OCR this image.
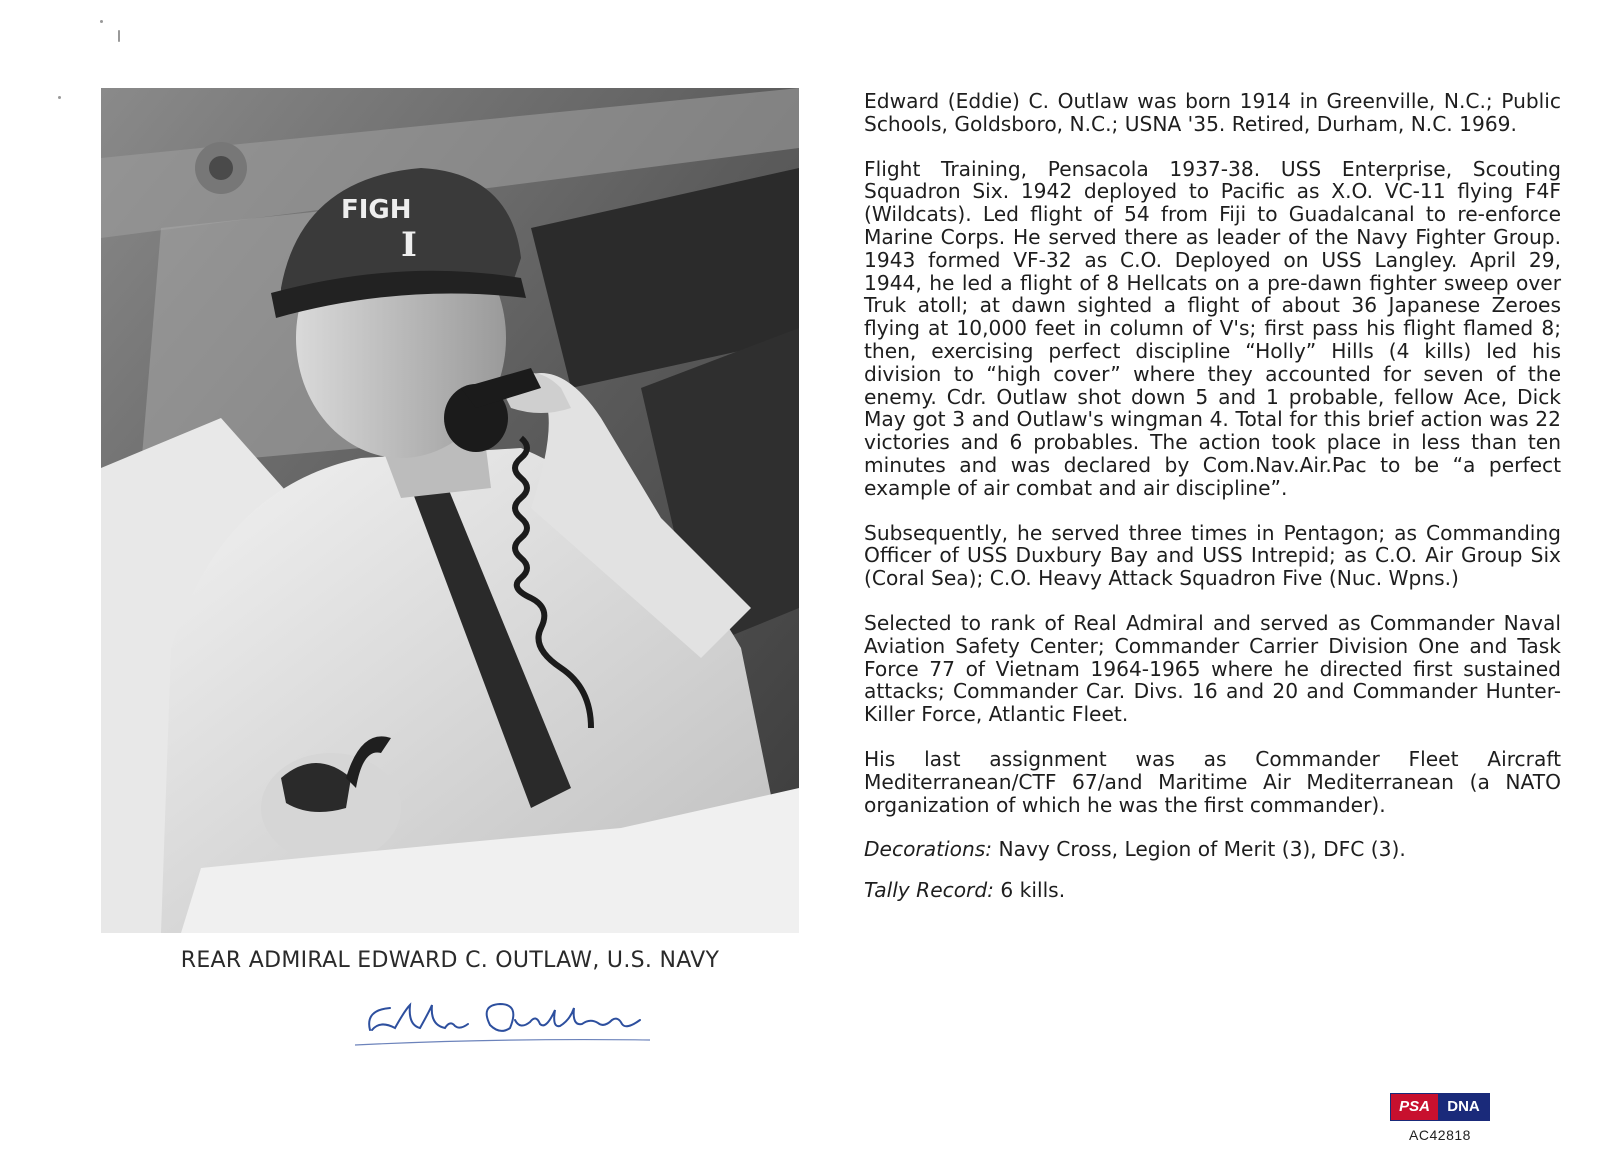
FIGH
I
REAR ADMIRAL EDWARD C. OUTLAW, U.S. NAVY

Edward (Eddie) C. Outlaw was born 1914 in Greenville, N.C.; Public Schools, Goldsboro, N.C.; USNA '35. Retired, Durham, N.C. 1969.

Flight Training, Pensacola 1937-38. USS Enterprise, Scouting Squadron Six. 1942 deployed to Pacific as X.O. VC-11 flying F4F (Wildcats). Led flight of 54 from Fiji to Guadalcanal to re-enforce Marine Corps. He served there as leader of the Navy Fighter Group. 1943 formed VF-32 as C.O. Deployed on USS Langley. April 29, 1944, he led a flight of 8 Hellcats on a pre-dawn fighter sweep over Truk atoll; at dawn sighted a flight of about 36 Japanese Zeroes flying at 10,000 feet in column of V's; first pass his flight flamed 8; then, exercising perfect discipline “Holly” Hills (4 kills) led his division to “high cover” where they accounted for seven of the enemy. Cdr. Outlaw shot down 5 and 1 probable, fellow Ace, Dick May got 3 and Outlaw's wingman 4. Total for this brief action was 22 victories and 6 probables. The action took place in less than ten minutes and was declared by Com.Nav.Air.Pac to be “a perfect example of air combat and air discipline”.

Subsequently, he served three times in Pentagon; as Commanding Officer of USS Duxbury Bay and USS Intrepid; as C.O. Air Group Six (Coral Sea); C.O. Heavy Attack Squadron Five (Nuc. Wpns.)

Selected to rank of Real Admiral and served as Commander Naval Aviation Safety Center; Commander Carrier Division One and Task Force 77 of Vietnam 1964-1965 where he directed first sustained attacks; Commander Car. Divs. 16 and 20 and Commander Hunter-Killer Force, Atlantic Fleet.

His last assignment was as Commander Fleet Aircraft Mediterranean/CTF 67/and Maritime Air Mediterranean (a NATO organization of which he was the first commander).

Decorations: Navy Cross, Legion of Merit (3), DFC (3).

Tally Record: 6 kills.

PSA	DNA
AC42818
